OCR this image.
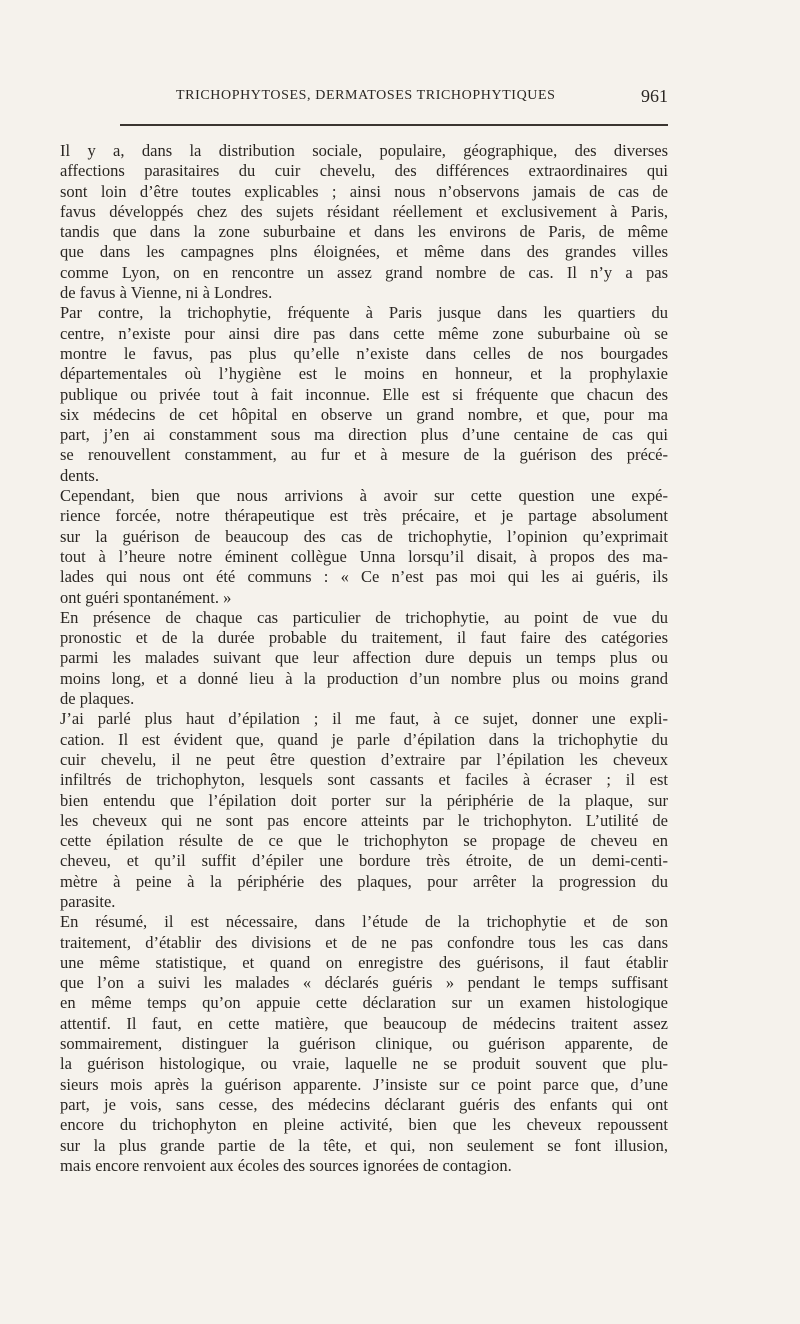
TRICHOPHYTOSES, DERMATOSES TRICHOPHYTIQUES	961
Il y a, dans la distribution sociale, populaire, géographique, des diverses
affections parasitaires du cuir chevelu, des différences extraordinaires qui
sont loin d’être toutes explicables ; ainsi nous n’observons jamais de cas de
favus développés chez des sujets résidant réellement et exclusivement à Paris,
tandis que dans la zone suburbaine et dans les environs de Paris, de même
que dans les campagnes plns éloignées, et même dans des grandes villes
comme Lyon, on en rencontre un assez grand nombre de cas. Il n’y a pas
de favus à Vienne, ni à Londres.
Par contre, la trichophytie, fréquente à Paris jusque dans les quartiers du
centre, n’existe pour ainsi dire pas dans cette même zone suburbaine où se
montre le favus, pas plus qu’elle n’existe dans celles de nos bourgades
départementales où l’hygiène est le moins en honneur, et la prophylaxie
publique ou privée tout à fait inconnue. Elle est si fréquente que chacun des
six médecins de cet hôpital en observe un grand nombre, et que, pour ma
part, j’en ai constamment sous ma direction plus d’une centaine de cas qui
se renouvellent constamment, au fur et à mesure de la guérison des précé-
dents.
Cependant, bien que nous arrivions à avoir sur cette question une expé-
rience forcée, notre thérapeutique est très précaire, et je partage absolument
sur la guérison de beaucoup des cas de trichophytie, l’opinion qu’exprimait
tout à l’heure notre éminent collègue Unna lorsqu’il disait, à propos des ma-
lades qui nous ont été communs : « Ce n’est pas moi qui les ai guéris, ils
ont guéri spontanément. »
En présence de chaque cas particulier de trichophytie, au point de vue du
pronostic et de la durée probable du traitement, il faut faire des catégories
parmi les malades suivant que leur affection dure depuis un temps plus ou
moins long, et a donné lieu à la production d’un nombre plus ou moins grand
de plaques.
J’ai parlé plus haut d’épilation ; il me faut, à ce sujet, donner une expli-
cation. Il est évident que, quand je parle d’épilation dans la trichophytie du
cuir chevelu, il ne peut être question d’extraire par l’épilation les cheveux
infiltrés de trichophyton, lesquels sont cassants et faciles à écraser ; il est
bien entendu que l’épilation doit porter sur la périphérie de la plaque, sur
les cheveux qui ne sont pas encore atteints par le trichophyton. L’utilité de
cette épilation résulte de ce que le trichophyton se propage de cheveu en
cheveu, et qu’il suffit d’épiler une bordure très étroite, de un demi-centi-
mètre à peine à la périphérie des plaques, pour arrêter la progression du
parasite.
En résumé, il est nécessaire, dans l’étude de la trichophytie et de son
traitement, d’établir des divisions et de ne pas confondre tous les cas dans
une même statistique, et quand on enregistre des guérisons, il faut établir
que l’on a suivi les malades « déclarés guéris » pendant le temps suffisant
en même temps qu’on appuie cette déclaration sur un examen histologique
attentif. Il faut, en cette matière, que beaucoup de médecins traitent assez
sommairement, distinguer la guérison clinique, ou guérison apparente, de
la guérison histologique, ou vraie, laquelle ne se produit souvent que plu-
sieurs mois après la guérison apparente. J’insiste sur ce point parce que, d’une
part, je vois, sans cesse, des médecins déclarant guéris des enfants qui ont
encore du trichophyton en pleine activité, bien que les cheveux repoussent
sur la plus grande partie de la tête, et qui, non seulement se font illusion,
mais encore renvoient aux écoles des sources ignorées de contagion.
